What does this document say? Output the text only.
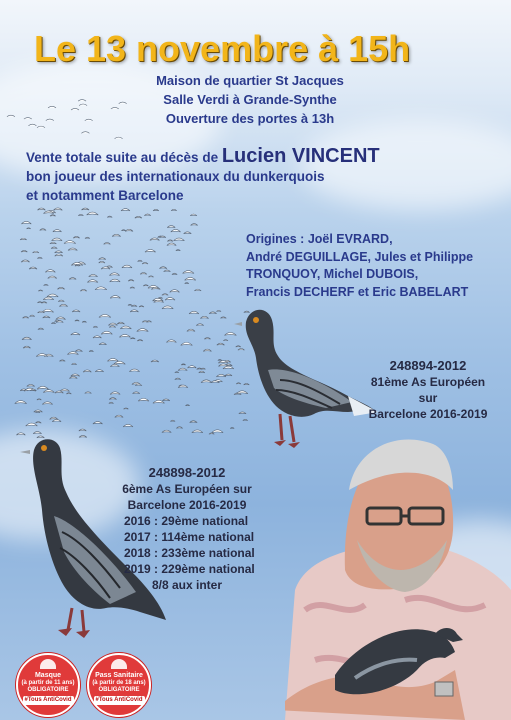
Le 13 novembre à 15h
Maison de quartier St Jacques
Salle Verdi à Grande-Synthe
Ouverture des portes à 13h
Vente totale suite au décès de Lucien VINCENT
bon joueur des internationaux du dunkerquois
et notamment Barcelone
Origines : Joël EVRARD,
André DEGUILLAGE, Jules et Philippe
TRONQUOY, Michel DUBOIS,
Francis DECHERF et Eric BABELART
248894-2012
81ème As Européen
sur
Barcelone 2016-2019
248898-2012
6ème As Européen sur
Barcelone 2016-2019
2016 : 29ème national
2017 : 114ème national
2018 : 233ème national
2019 : 229ème national
8/8 aux inter
Masque
(à partir de 11 ans)
OBLIGATOIRE
#Tous AntiCovid
Pass Sanitaire
(à partir de 18 ans)
OBLIGATOIRE
#Tous AntiCovid
